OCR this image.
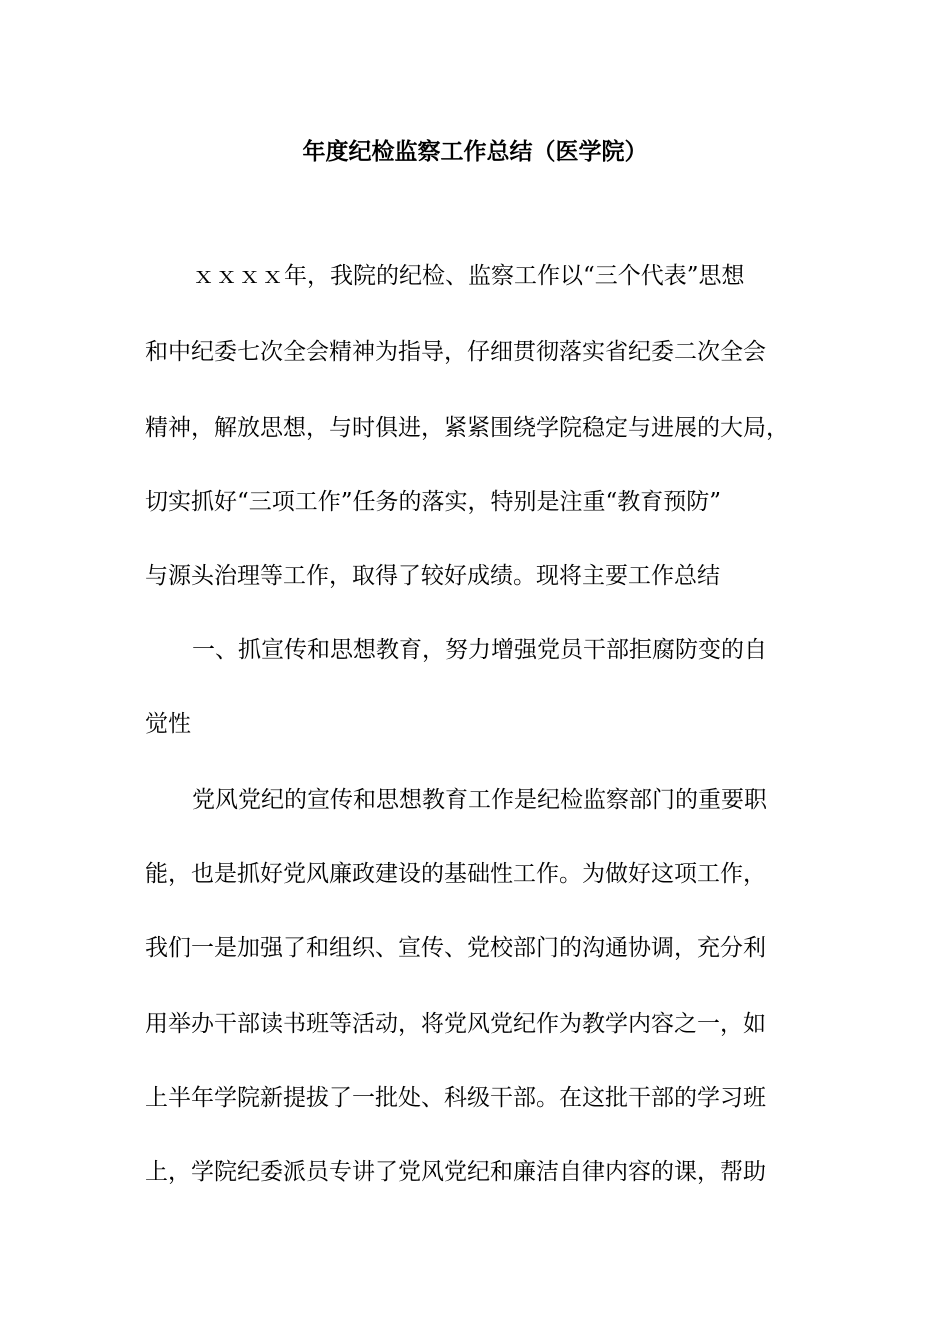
年度纪检监察工作总结（医学院）
ｘｘｘｘ年，我院的纪检、监察工作以“三个代表”思想
和中纪委七次全会精神为指导，仔细贯彻落实省纪委二次全会
精神，解放思想，与时俱进，紧紧围绕学院稳定与进展的大局，
切实抓好“三项工作”任务的落实，特别是注重“教育预防”
与源头治理等工作，取得了较好成绩。现将主要工作总结
一、抓宣传和思想教育，努力增强党员干部拒腐防变的自
觉性
党风党纪的宣传和思想教育工作是纪检监察部门的重要职
能，也是抓好党风廉政建设的基础性工作。为做好这项工作，
我们一是加强了和组织、宣传、党校部门的沟通协调，充分利
用举办干部读书班等活动，将党风党纪作为教学内容之一，如
上半年学院新提拔了一批处、科级干部。在这批干部的学习班
上，学院纪委派员专讲了党风党纪和廉洁自律内容的课，帮助
